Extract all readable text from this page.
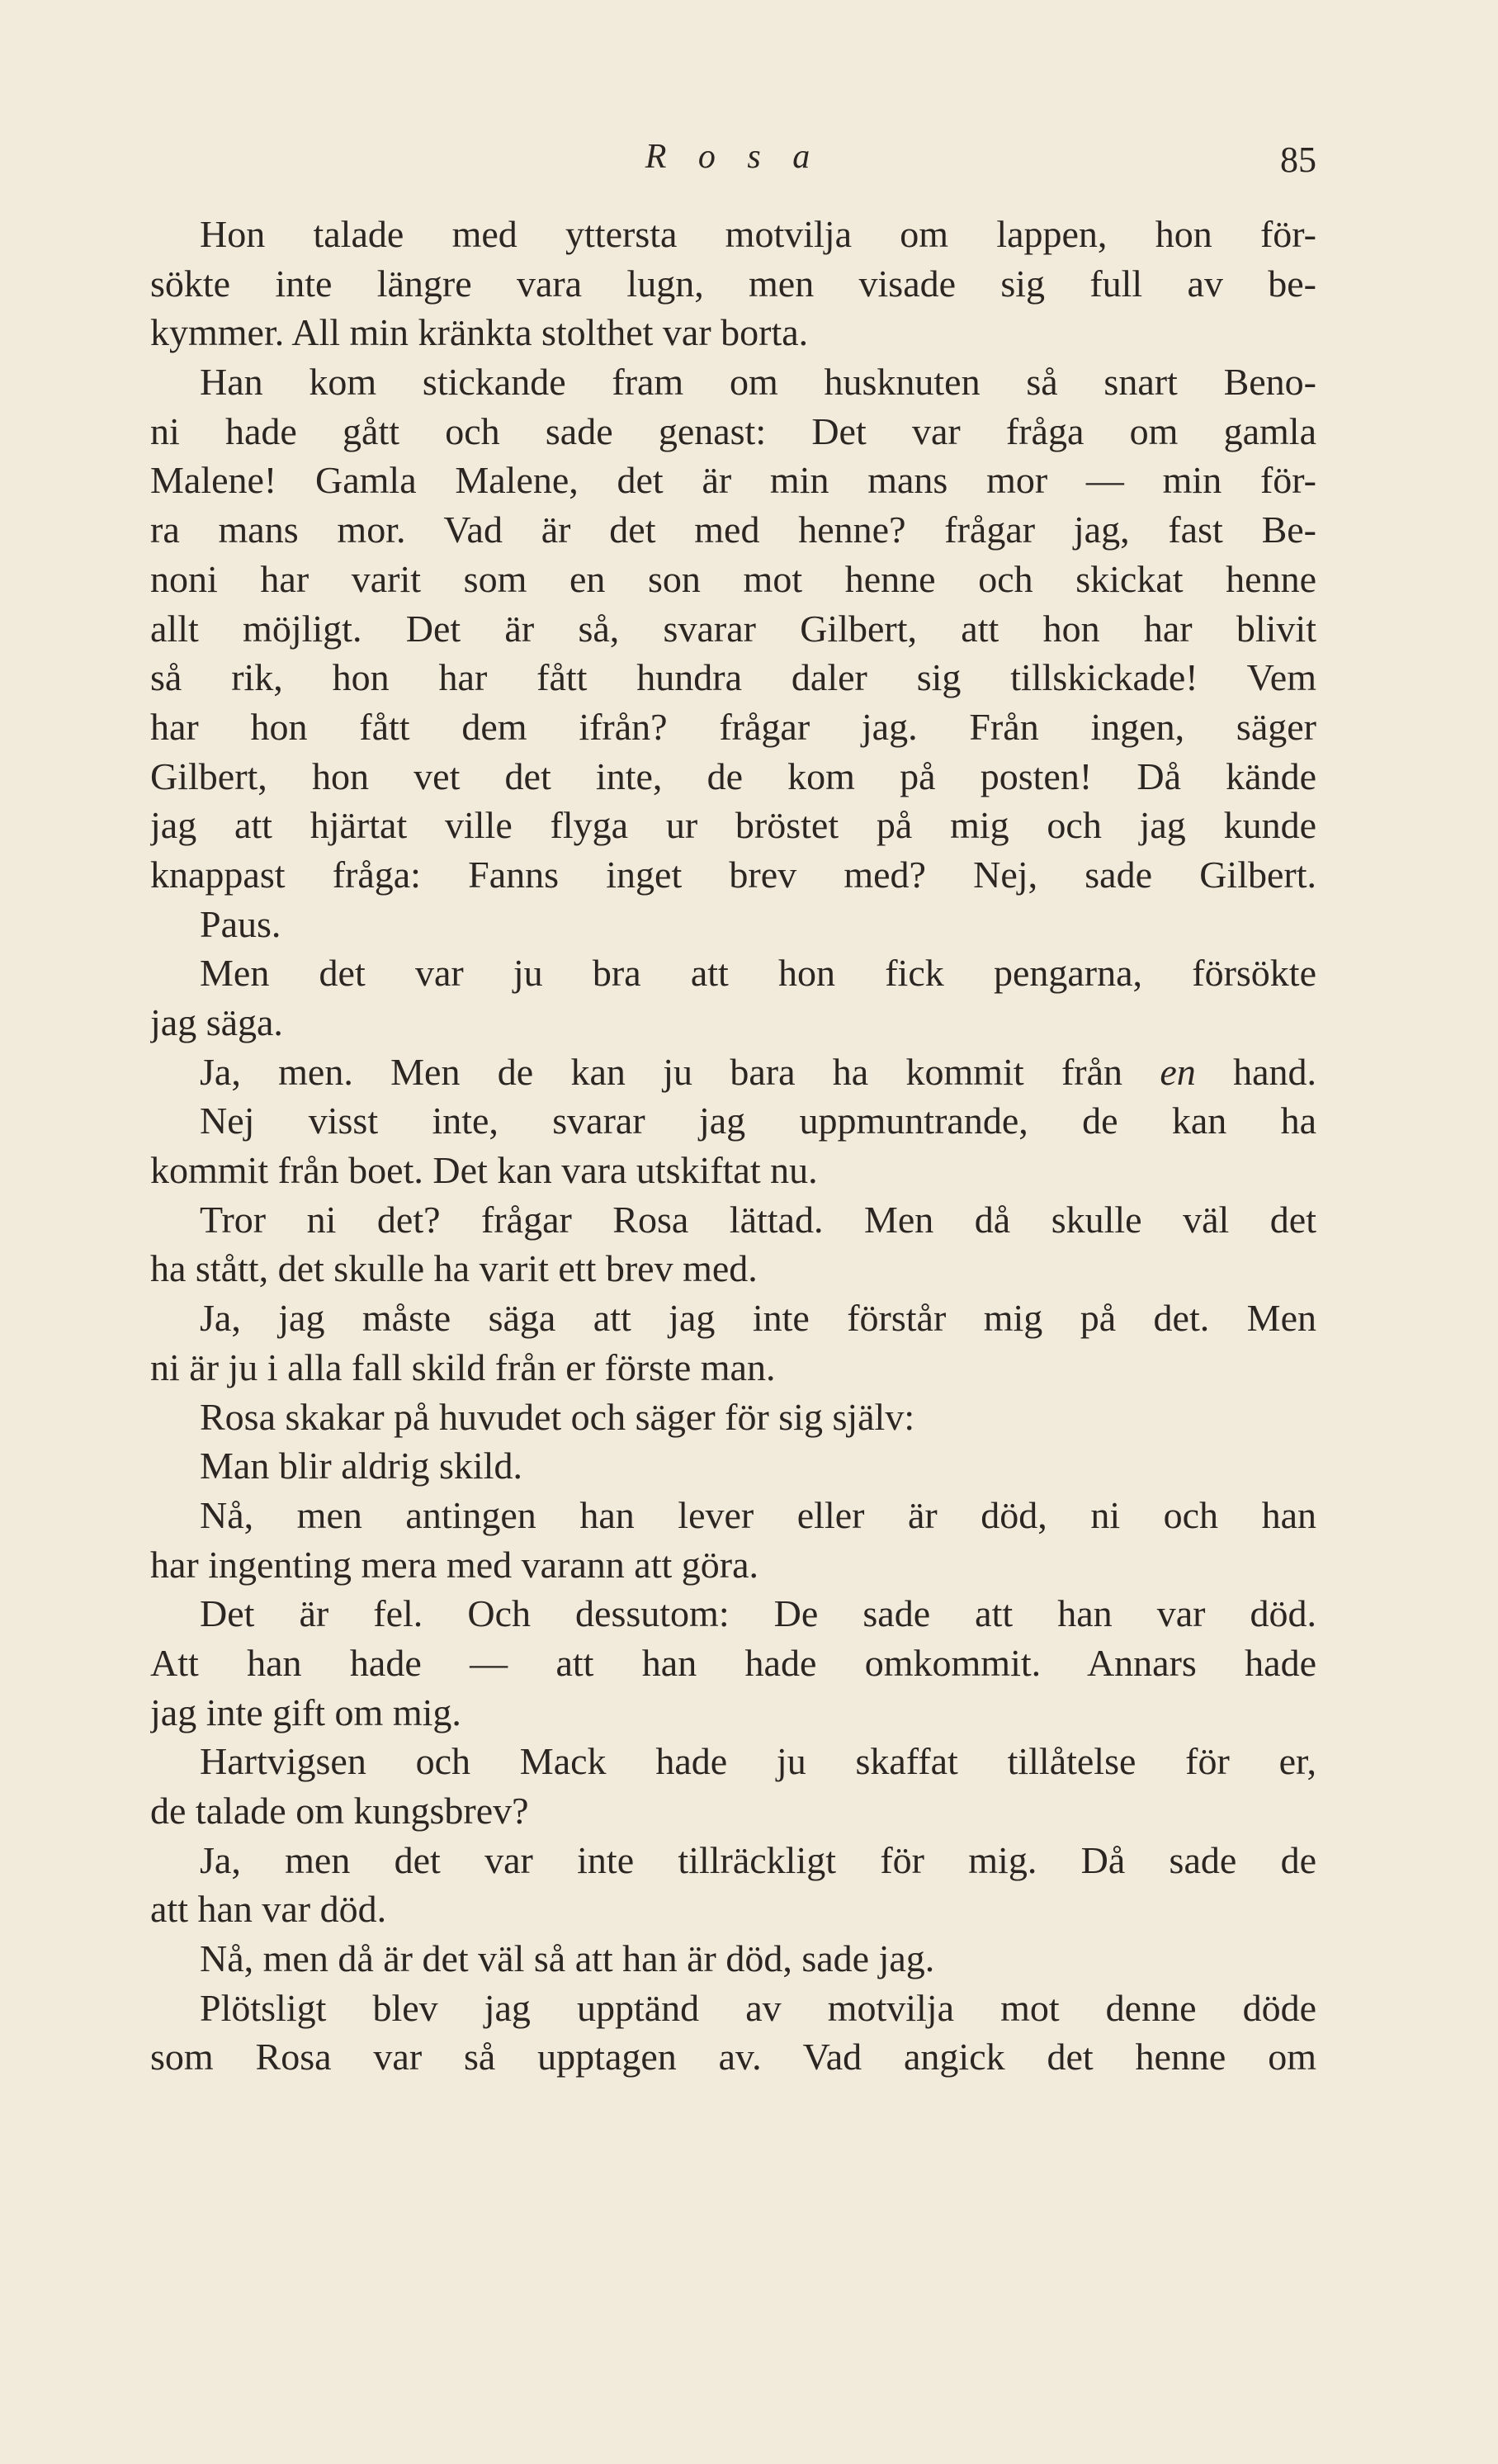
R o s a	85
Hon talade med yttersta motvilja om lappen, hon för-
sökte inte längre vara lugn, men visade sig full av be-
kymmer. All min kränkta stolthet var borta.
Han kom stickande fram om husknuten så snart Beno-
ni hade gått och sade genast: Det var fråga om gamla
Malene! Gamla Malene, det är min mans mor — min för-
ra mans mor. Vad är det med henne? frågar jag, fast Be-
noni har varit som en son mot henne och skickat henne
allt möjligt. Det är så, svarar Gilbert, att hon har blivit
så rik, hon har fått hundra daler sig tillskickade! Vem
har hon fått dem ifrån? frågar jag. Från ingen, säger
Gilbert, hon vet det inte, de kom på posten! Då kände
jag att hjärtat ville flyga ur bröstet på mig och jag kunde
knappast fråga: Fanns inget brev med? Nej, sade Gilbert.
Paus.
Men det var ju bra att hon fick pengarna, försökte
jag säga.
Ja, men. Men de kan ju bara ha kommit från en hand.
Nej visst inte, svarar jag uppmuntrande, de kan ha
kommit från boet. Det kan vara utskiftat nu.
Tror ni det? frågar Rosa lättad. Men då skulle väl det
ha stått, det skulle ha varit ett brev med.
Ja, jag måste säga att jag inte förstår mig på det. Men
ni är ju i alla fall skild från er förste man.
Rosa skakar på huvudet och säger för sig själv:
Man blir aldrig skild.
Nå, men antingen han lever eller är död, ni och han
har ingenting mera med varann att göra.
Det är fel. Och dessutom: De sade att han var död.
Att han hade — att han hade omkommit. Annars hade
jag inte gift om mig.
Hartvigsen och Mack hade ju skaffat tillåtelse för er,
de talade om kungsbrev?
Ja, men det var inte tillräckligt för mig. Då sade de
att han var död.
Nå, men då är det väl så att han är död, sade jag.
Plötsligt blev jag upptänd av motvilja mot denne döde
som Rosa var så upptagen av. Vad angick det henne om
